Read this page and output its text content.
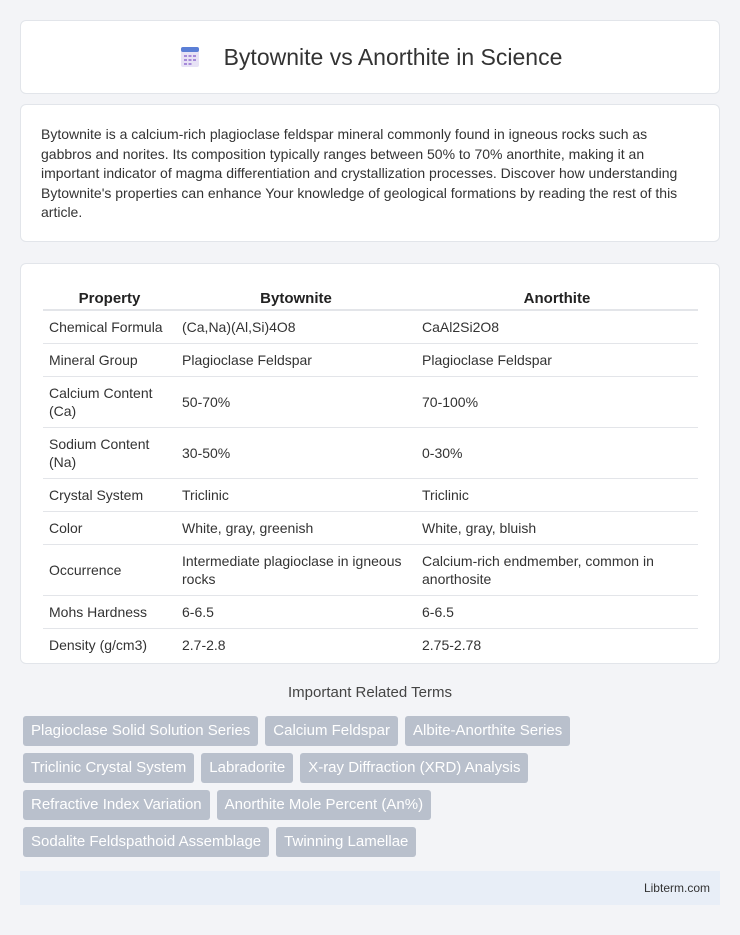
Bytownite vs Anorthite in Science

Bytownite is a calcium-rich plagioclase feldspar mineral commonly found in igneous rocks such as gabbros and norites. Its composition typically ranges between 50% to 70% anorthite, making it an important indicator of magma differentiation and crystallization processes. Discover how understanding Bytownite's properties can enhance Your knowledge of geological formations by reading the rest of this article.

Property	Bytownite	Anorthite
Chemical Formula	(Ca,Na)(Al,Si)4O8	CaAl2Si2O8
Mineral Group	Plagioclase Feldspar	Plagioclase Feldspar
Calcium Content (Ca)	50-70%	70-100%
Sodium Content (Na)	30-50%	0-30%
Crystal System	Triclinic	Triclinic
Color	White, gray, greenish	White, gray, bluish
Occurrence	Intermediate plagioclase in igneous rocks	Calcium-rich endmember, common in anorthosite
Mohs Hardness	6-6.5	6-6.5
Density (g/cm3)	2.7-2.8	2.75-2.78
Important Related Terms
Plagioclase Solid Solution Series	Calcium Feldspar	Albite-Anorthite Series
Triclinic Crystal System	Labradorite	X-ray Diffraction (XRD) Analysis
Refractive Index Variation	Anorthite Mole Percent (An%)
Sodalite Feldspathoid Assemblage	Twinning Lamellae
Libterm.com
